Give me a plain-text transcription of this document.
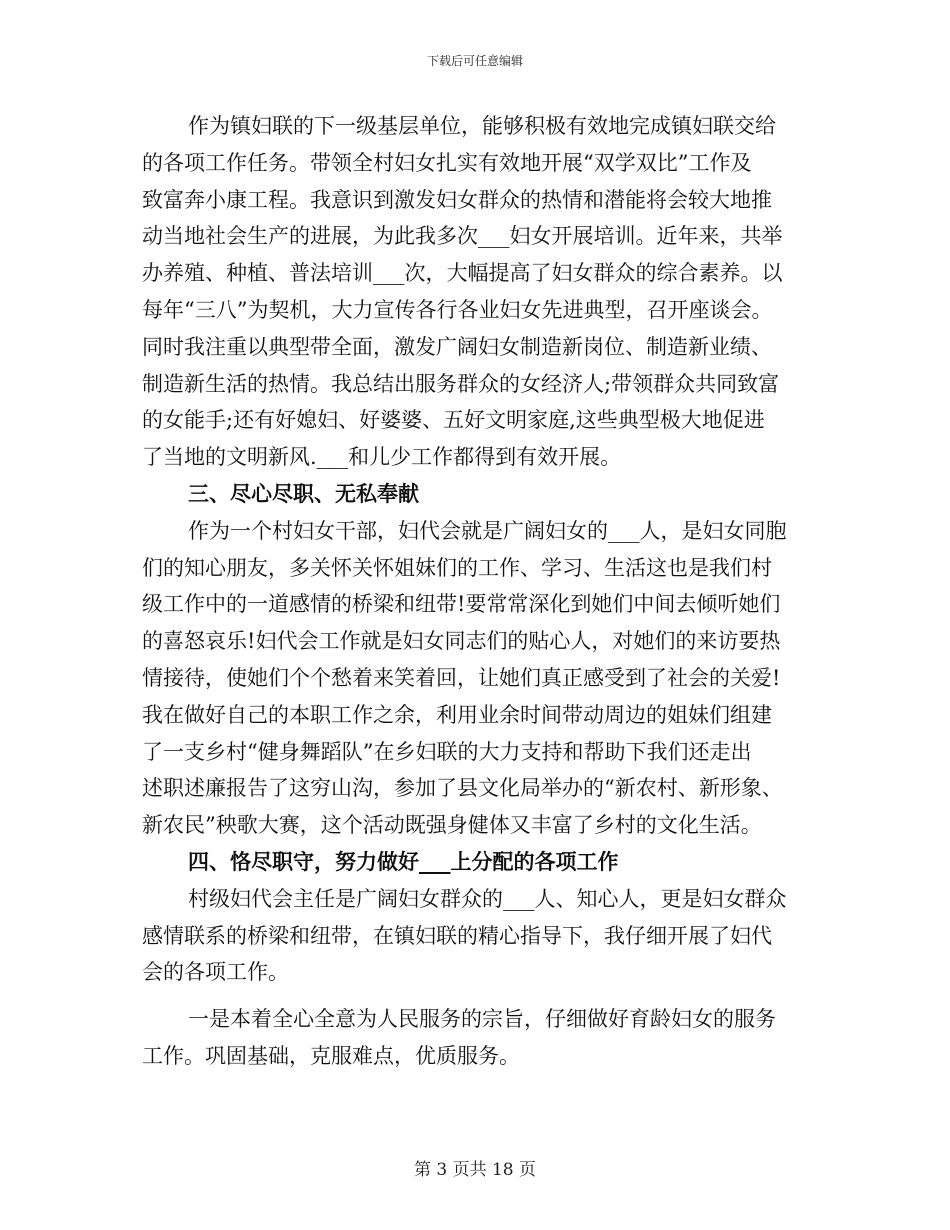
下载后可任意编辑
作为镇妇联的下一级基层单位，能够积极有效地完成镇妇联交给
的各项工作任务。带领全村妇女扎实有效地开展“双学双比”工作及
致富奔小康工程。我意识到激发妇女群众的热情和潜能将会较大地推
动当地社会生产的进展，为此我多次___妇女开展培训。近年来，共举
办养殖、种植、普法培训___次，大幅提高了妇女群众的综合素养。以
每年“三八”为契机，大力宣传各行各业妇女先进典型，召开座谈会。
同时我注重以典型带全面，激发广阔妇女制造新岗位、制造新业绩、
制造新生活的热情。我总结出服务群众的女经济人;带领群众共同致富
的女能手;还有好媳妇、好婆婆、五好文明家庭,这些典型极大地促进
了当地的文明新风.___和儿少工作都得到有效开展。
三、尽心尽职、无私奉献
作为一个村妇女干部，妇代会就是广阔妇女的___人，是妇女同胞
们的知心朋友，多关怀关怀姐妹们的工作、学习、生活这也是我们村
级工作中的一道感情的桥梁和纽带!要常常深化到她们中间去倾听她们
的喜怒哀乐!妇代会工作就是妇女同志们的贴心人，对她们的来访要热
情接待，使她们个个愁着来笑着回，让她们真正感受到了社会的关爱!
我在做好自己的本职工作之余，利用业余时间带动周边的姐妹们组建
了一支乡村“健身舞蹈队”在乡妇联的大力支持和帮助下我们还走出
述职述廉报告了这穷山沟，参加了县文化局举办的“新农村、新形象、
新农民”秧歌大赛，这个活动既强身健体又丰富了乡村的文化生活。
四、恪尽职守，努力做好___上分配的各项工作
村级妇代会主任是广阔妇女群众的___人、知心人，更是妇女群众
感情联系的桥梁和纽带，在镇妇联的精心指导下，我仔细开展了妇代
会的各项工作。
一是本着全心全意为人民服务的宗旨，仔细做好育龄妇女的服务
工作。巩固基础，克服难点，优质服务。
第 3 页共 18 页
